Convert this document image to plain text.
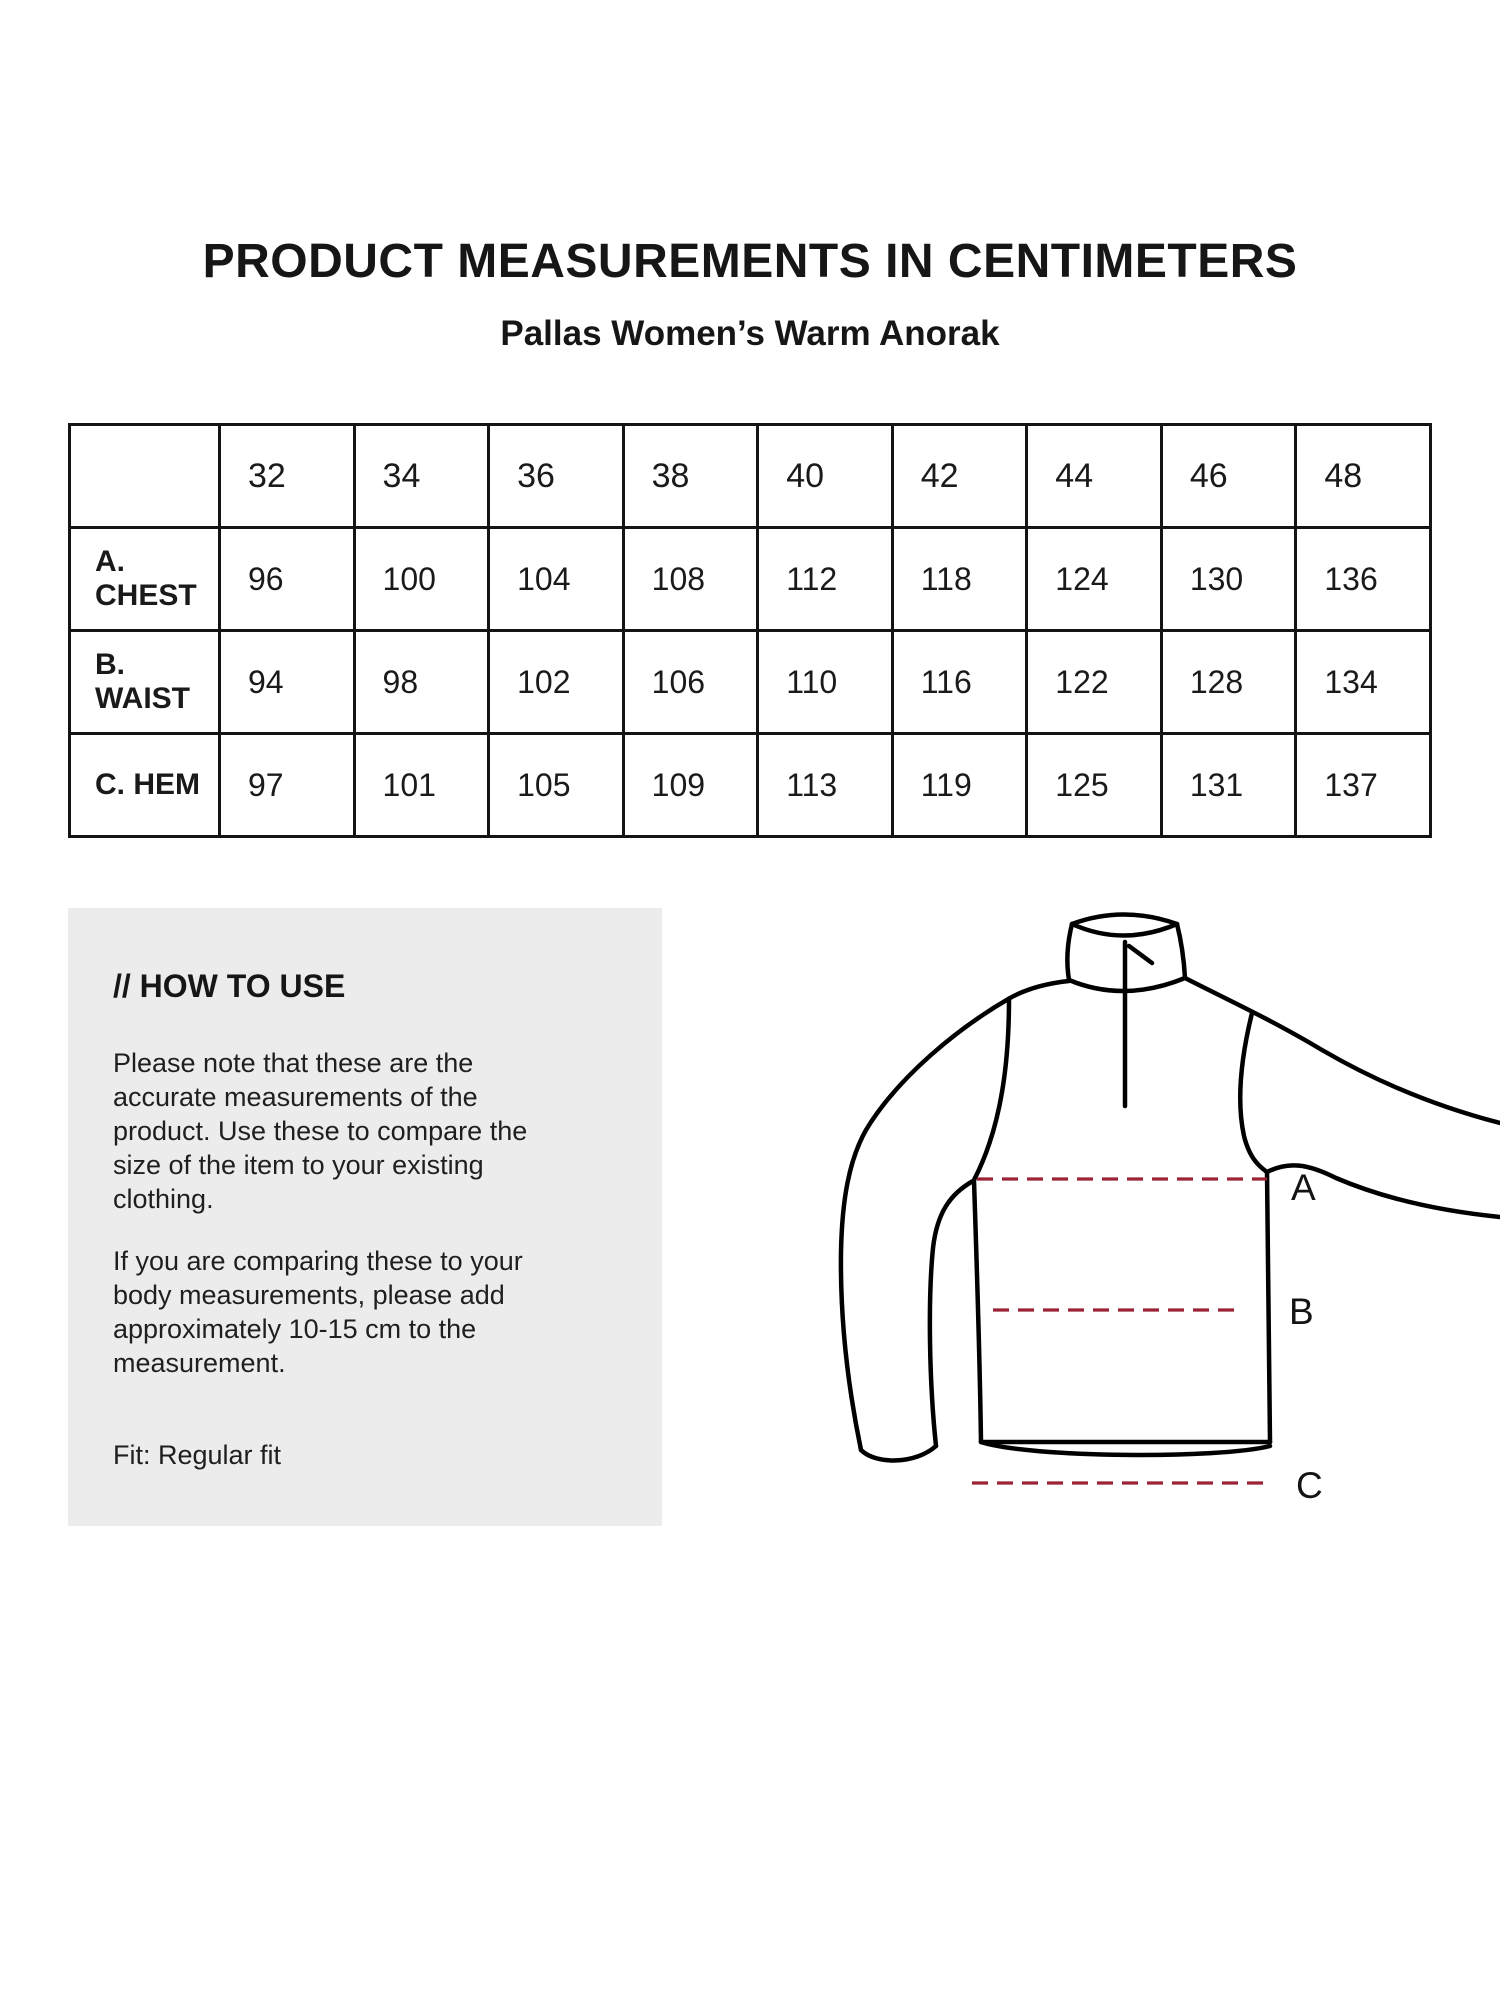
PRODUCT MEASUREMENTS IN CENTIMETERS
Pallas Women’s Warm Anorak
	32	34	36	38	40	42	44	46	48
A. CHEST	96	100	104	108	112	118	124	130	136
B. WAIST	94	98	102	106	110	116	122	128	134
C. HEM	97	101	105	109	113	119	125	131	137
// HOW TO USE

Please note that these are the
accurate measurements of the
product. Use these to compare the
size of the item to your existing
clothing.

If you are comparing these to your
body measurements, please add
approximately 10-15 cm to the
measurement.

Fit: Regular fit
A
B
C
